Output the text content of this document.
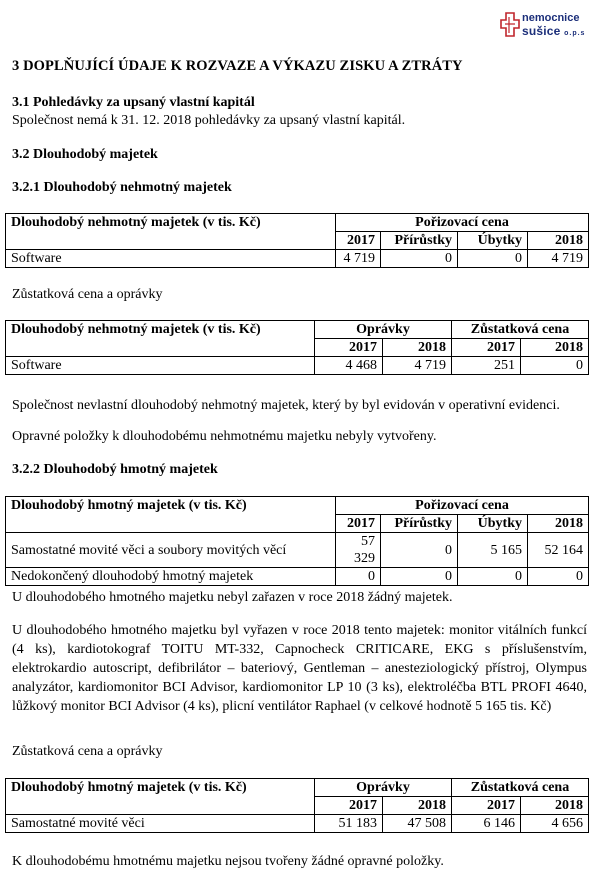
nemocnice
sušice o.p.s
3 DOPLŇUJÍCÍ ÚDAJE K ROZVAZE A VÝKAZU ZISKU A ZTRÁTY
3.1 Pohledávky za upsaný vlastní kapitál
Společnost nemá k 31. 12. 2018 pohledávky za upsaný vlastní kapitál.
3.2 Dlouhodobý majetek
3.2.1 Dlouhodobý nehmotný majetek
Dlouhodobý nehmotný majetek (v tis. Kč)	Pořizovací cena			
	2017	Přírůstky	Úbytky	2018
Software	4 719	0	0	4 719
Zůstatková cena a oprávky
Dlouhodobý nehmotný majetek (v tis. Kč)	Oprávky		Zůstatková cena	
	2017	2018	2017	2018
Software	4 468	4 719	251	0

Společnost nevlastní dlouhodobý nehmotný majetek, který by byl evidován v operativní evidenci.

Opravné položky k dlouhodobému nehmotnému majetku nebyly vytvořeny.

3.2.2 Dlouhodobý hmotný majetek
Dlouhodobý hmotný majetek (v tis. Kč)	Pořizovací cena			
	2017	Přírůstky	Úbytky	2018
Samostatné movité věci a soubory movitých věcí	57 329	0	5 165	52 164
Nedokončený dlouhodobý hmotný majetek	0	0	0	0

U dlouhodobého hmotného majetku nebyl zařazen v roce 2018 žádný majetek.

U dlouhodobého hmotného majetku byl vyřazen v roce 2018 tento majetek: monitor vitálních funkcí (4 ks), kardiotokograf TOITU MT-332, Capnocheck CRITICARE, EKG s příslušenstvím, elektrokardio autoscript, defibrilátor – bateriový, Gentleman – anesteziologický přístroj, Olympus analyzátor, kardiomonitor BCI Advisor, kardiomonitor LP 10 (3 ks), elektroléčba BTL PROFI 4640, lůžkový monitor BCI Advisor (4 ks), plicní ventilátor Raphael (v celkové hodnotě 5 165 tis. Kč)

Zůstatková cena a oprávky
Dlouhodobý hmotný majetek (v tis. Kč)	Oprávky		Zůstatková cena	
	2017	2018	2017	2018
Samostatné movité věci	51 183	47 508	6 146	4 656

K dlouhodobému hmotnému majetku nejsou tvořeny žádné opravné položky.
